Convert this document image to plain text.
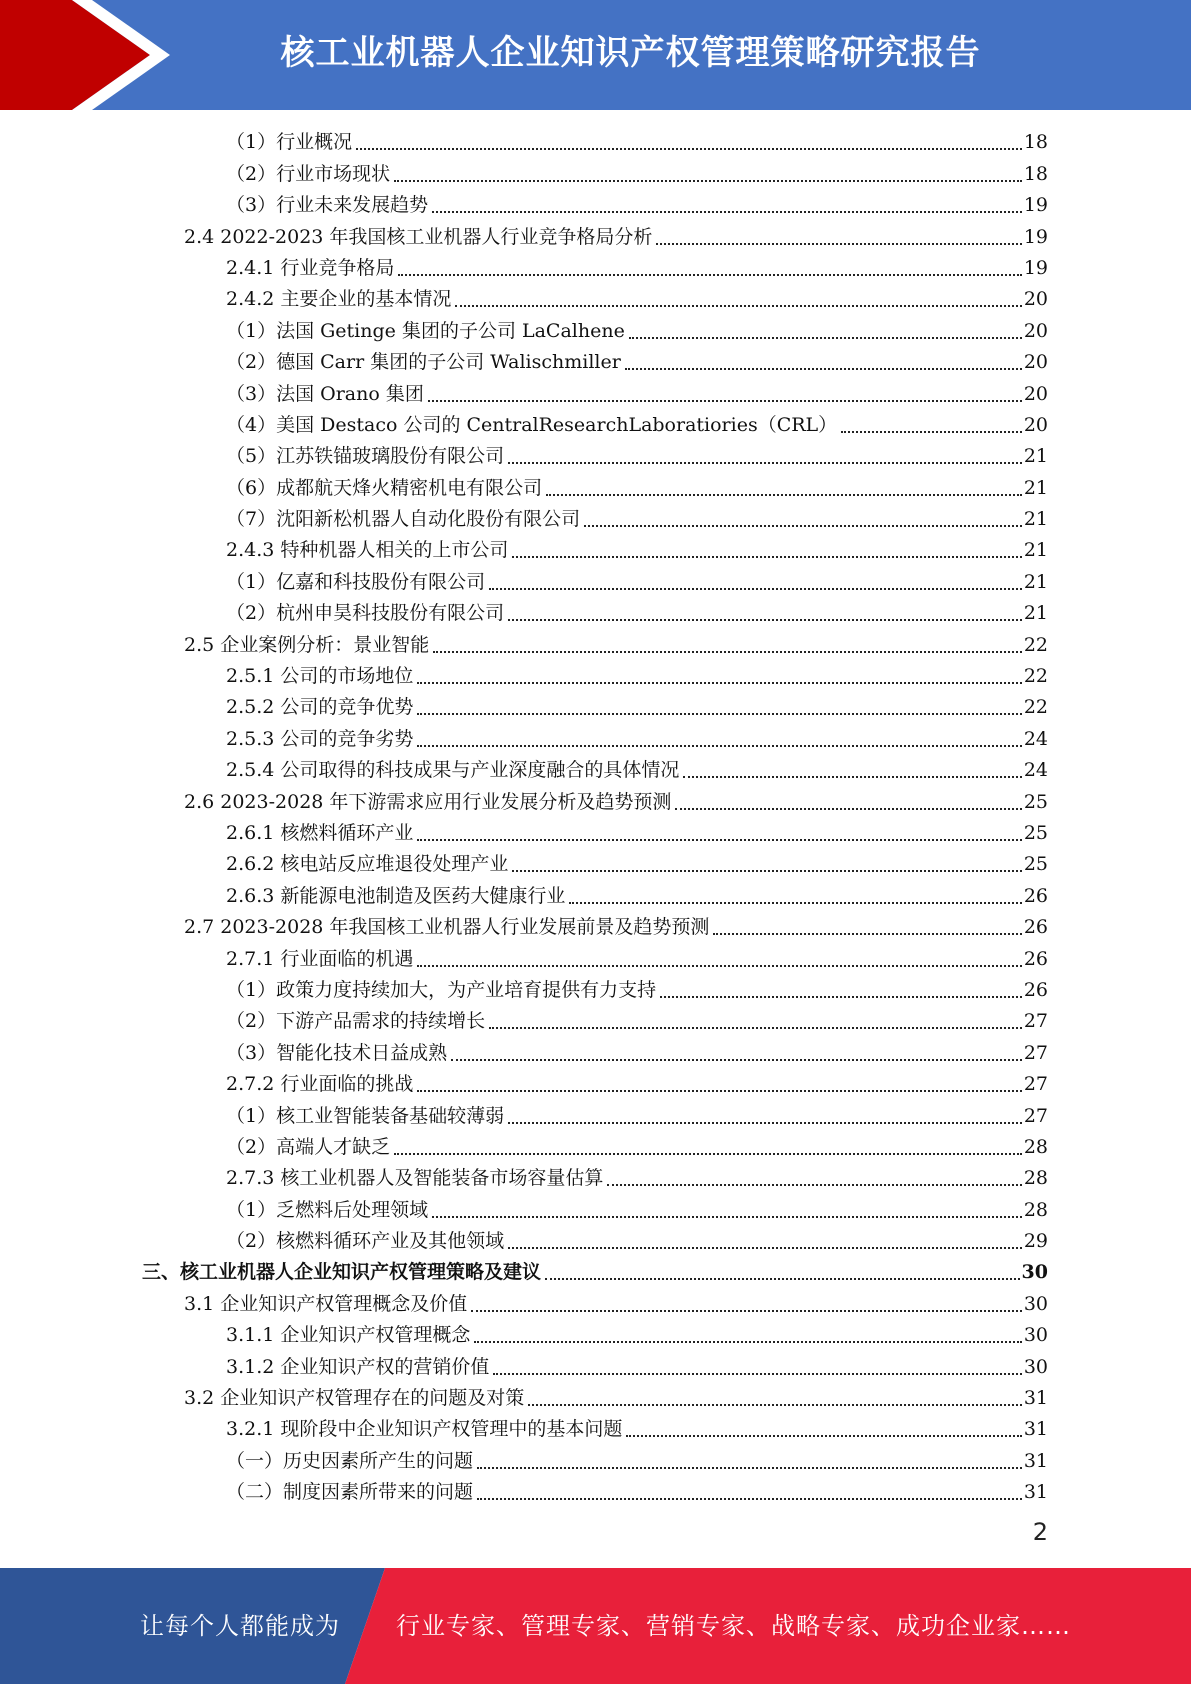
核工业机器人企业知识产权管理策略研究报告
（1）行业概况	18
（2）行业市场现状	18
（3）行业未来发展趋势	19
2.4 2022-2023 年我国核工业机器人行业竞争格局分析	19
2.4.1 行业竞争格局	19
2.4.2 主要企业的基本情况	20
（1）法国 Getinge 集团的子公司 LaCalhene	20
（2）德国 Carr 集团的子公司 Walischmiller	20
（3）法国 Orano 集团	20
（4）美国 Destaco 公司的 CentralResearchLaboratiories（CRL）	20
（5）江苏铁锚玻璃股份有限公司	21
（6）成都航天烽火精密机电有限公司	21
（7）沈阳新松机器人自动化股份有限公司	21
2.4.3 特种机器人相关的上市公司	21
（1）亿嘉和科技股份有限公司	21
（2）杭州申昊科技股份有限公司	21
2.5 企业案例分析：景业智能	22
2.5.1 公司的市场地位	22
2.5.2 公司的竞争优势	22
2.5.3 公司的竞争劣势	24
2.5.4 公司取得的科技成果与产业深度融合的具体情况	24
2.6 2023-2028 年下游需求应用行业发展分析及趋势预测	25
2.6.1 核燃料循环产业	25
2.6.2 核电站反应堆退役处理产业	25
2.6.3 新能源电池制造及医药大健康行业	26
2.7 2023-2028 年我国核工业机器人行业发展前景及趋势预测	26
2.7.1 行业面临的机遇	26
（1）政策力度持续加大，为产业培育提供有力支持	26
（2）下游产品需求的持续增长	27
（3）智能化技术日益成熟	27
2.7.2 行业面临的挑战	27
（1）核工业智能装备基础较薄弱	27
（2）高端人才缺乏	28
2.7.3 核工业机器人及智能装备市场容量估算	28
（1）乏燃料后处理领域	28
（2）核燃料循环产业及其他领域	29
三、核工业机器人企业知识产权管理策略及建议	30
3.1 企业知识产权管理概念及价值	30
3.1.1 企业知识产权管理概念	30
3.1.2 企业知识产权的营销价值	30
3.2 企业知识产权管理存在的问题及对策	31
3.2.1 现阶段中企业知识产权管理中的基本问题	31
（一）历史因素所产生的问题	31
（二）制度因素所带来的问题	31
2
让每个人都能成为 行业专家、管理专家、营销专家、战略专家、成功企业家……
